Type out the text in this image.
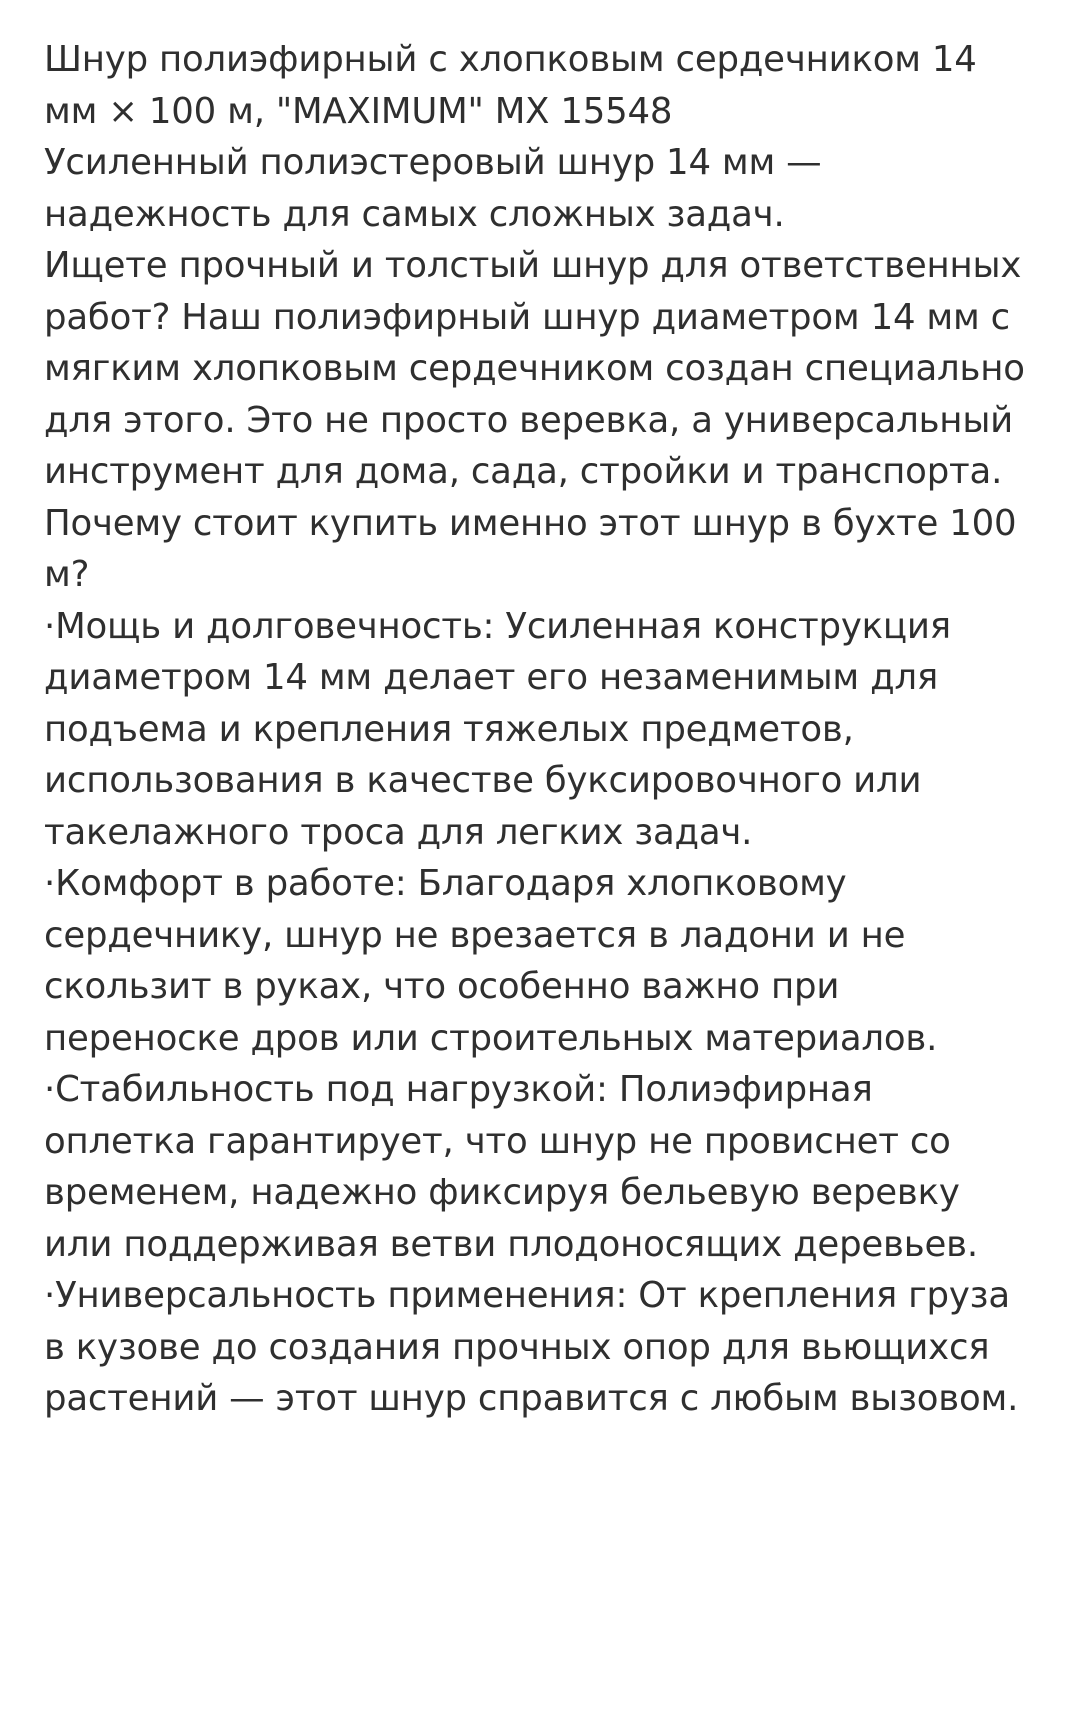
Шнур полиэфирный с хлопковым сердечником 14 мм × 100 м, "MAXIMUM" MX 15548

Усиленный полиэстеровый шнур 14 мм — надежность для самых сложных задач.

Ищете прочный и толстый шнур для ответственных работ? Наш полиэфирный шнур диаметром 14 мм с мягким хлопковым сердечником создан специально для этого. Это не просто веревка, а универсальный инструмент для дома, сада, стройки и транспорта.

Почему стоит купить именно этот шнур в бухте 100 м?

·Мощь и долговечность: Усиленная конструкция диаметром 14 мм делает его незаменимым для подъема и крепления тяжелых предметов, использования в качестве буксировочного или такелажного троса для легких задач.

·Комфорт в работе: Благодаря хлопковому сердечнику, шнур не врезается в ладони и не скользит в руках, что особенно важно при переноске дров или строительных материалов.

·Стабильность под нагрузкой: Полиэфирная оплетка гарантирует, что шнур не провиснет со временем, надежно фиксируя бельевую веревку или поддерживая ветви плодоносящих деревьев.

·Универсальность применения: От крепления груза в кузове до создания прочных опор для вьющихся растений — этот шнур справится с любым вызовом.
